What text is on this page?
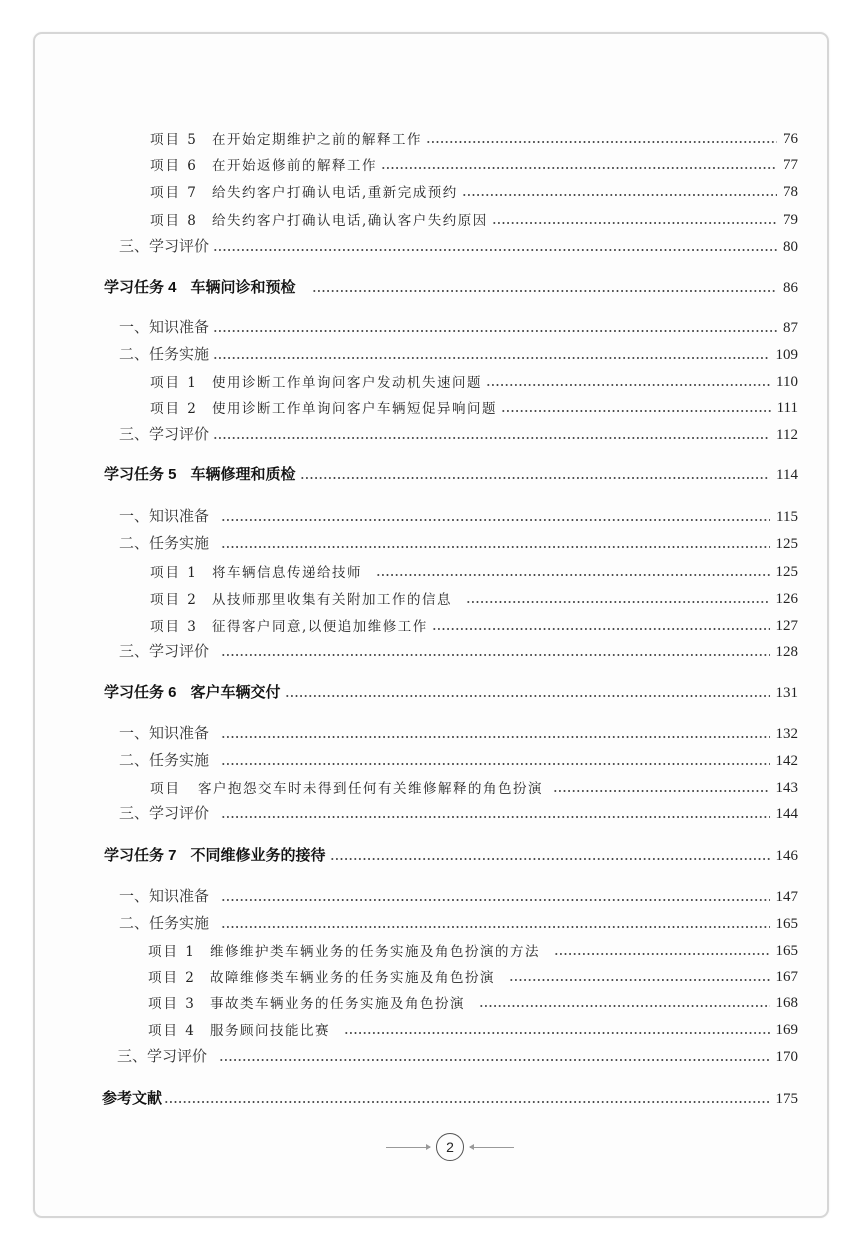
项目 5 在开始定期维护之前的解释工作	76
项目 6 在开始返修前的解释工作	77
项目 7 给失约客户打确认电话,重新完成预约	78
项目 8 给失约客户打确认电话,确认客户失约原因	79
三、学习评价	80
学习任务 4 车辆问诊和预检	86
一、知识准备	87
二、任务实施	109
项目 1 使用诊断工作单询问客户发动机失速问题	110
项目 2 使用诊断工作单询问客户车辆短促异响问题	111
三、学习评价	112
学习任务 5 车辆修理和质检	114
一、知识准备	115
二、任务实施	125
项目 1 将车辆信息传递给技师	125
项目 2 从技师那里收集有关附加工作的信息	126
项目 3 征得客户同意,以便追加维修工作	127
三、学习评价	128
学习任务 6 客户车辆交付	131
一、知识准备	132
二、任务实施	142
项目 客户抱怨交车时未得到任何有关维修解释的角色扮演	143
三、学习评价	144
学习任务 7 不同维修业务的接待	146
一、知识准备	147
二、任务实施	165
项目 1 维修维护类车辆业务的任务实施及角色扮演的方法	165
项目 2 故障维修类车辆业务的任务实施及角色扮演	167
项目 3 事故类车辆业务的任务实施及角色扮演	168
项目 4 服务顾问技能比赛	169
三、学习评价	170
参考文献	175
2
